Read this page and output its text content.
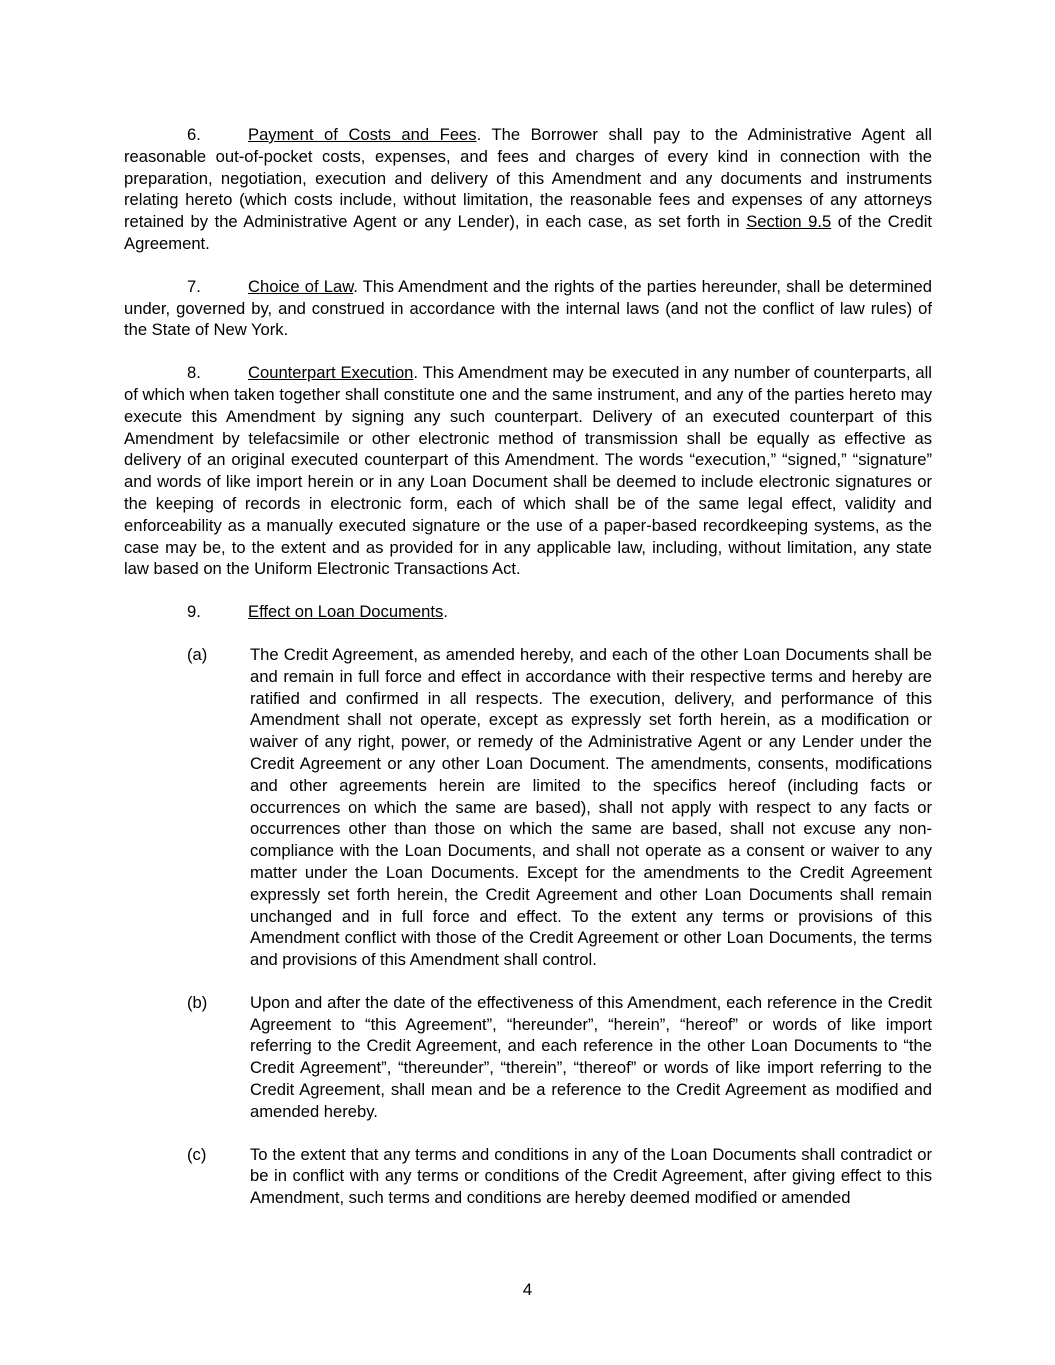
6.	Payment of Costs and Fees. The Borrower shall pay to the Administrative Agent all reasonable out-of-pocket costs, expenses, and fees and charges of every kind in connection with the preparation, negotiation, execution and delivery of this Amendment and any documents and instruments relating hereto (which costs include, without limitation, the reasonable fees and expenses of any attorneys retained by the Administrative Agent or any Lender), in each case, as set forth in Section 9.5 of the Credit Agreement.

7.	Choice of Law. This Amendment and the rights of the parties hereunder, shall be determined under, governed by, and construed in accordance with the internal laws (and not the conflict of law rules) of the State of New York.

8.	Counterpart Execution. This Amendment may be executed in any number of counterparts, all of which when taken together shall constitute one and the same instrument, and any of the parties hereto may execute this Amendment by signing any such counterpart. Delivery of an executed counterpart of this Amendment by telefacsimile or other electronic method of transmission shall be equally as effective as delivery of an original executed counterpart of this Amendment. The words “execution,” “signed,” “signature” and words of like import herein or in any Loan Document shall be deemed to include electronic signatures or the keeping of records in electronic form, each of which shall be of the same legal effect, validity and enforceability as a manually executed signature or the use of a paper-based recordkeeping systems, as the case may be, to the extent and as provided for in any applicable law, including, without limitation, any state law based on the Uniform Electronic Transactions Act.

9.	Effect on Loan Documents.

(a)	The Credit Agreement, as amended hereby, and each of the other Loan Documents shall be and remain in full force and effect in accordance with their respective terms and hereby are ratified and confirmed in all respects. The execution, delivery, and performance of this Amendment shall not operate, except as expressly set forth herein, as a modification or waiver of any right, power, or remedy of the Administrative Agent or any Lender under the Credit Agreement or any other Loan Document. The amendments, consents, modifications and other agreements herein are limited to the specifics hereof (including facts or occurrences on which the same are based), shall not apply with respect to any facts or occurrences other than those on which the same are based, shall not excuse any non-compliance with the Loan Documents, and shall not operate as a consent or waiver to any matter under the Loan Documents. Except for the amendments to the Credit Agreement expressly set forth herein, the Credit Agreement and other Loan Documents shall remain unchanged and in full force and effect. To the extent any terms or provisions of this Amendment conflict with those of the Credit Agreement or other Loan Documents, the terms and provisions of this Amendment shall control.
(b)	Upon and after the date of the effectiveness of this Amendment, each reference in the Credit Agreement to “this Agreement”, “hereunder”, “herein”, “hereof” or words of like import referring to the Credit Agreement, and each reference in the other Loan Documents to “the Credit Agreement”, “thereunder”, “therein”, “thereof” or words of like import referring to the Credit Agreement, shall mean and be a reference to the Credit Agreement as modified and amended hereby.
(c)	To the extent that any terms and conditions in any of the Loan Documents shall contradict or be in conflict with any terms or conditions of the Credit Agreement, after giving effect to this Amendment, such terms and conditions are hereby deemed modified or amended
4
